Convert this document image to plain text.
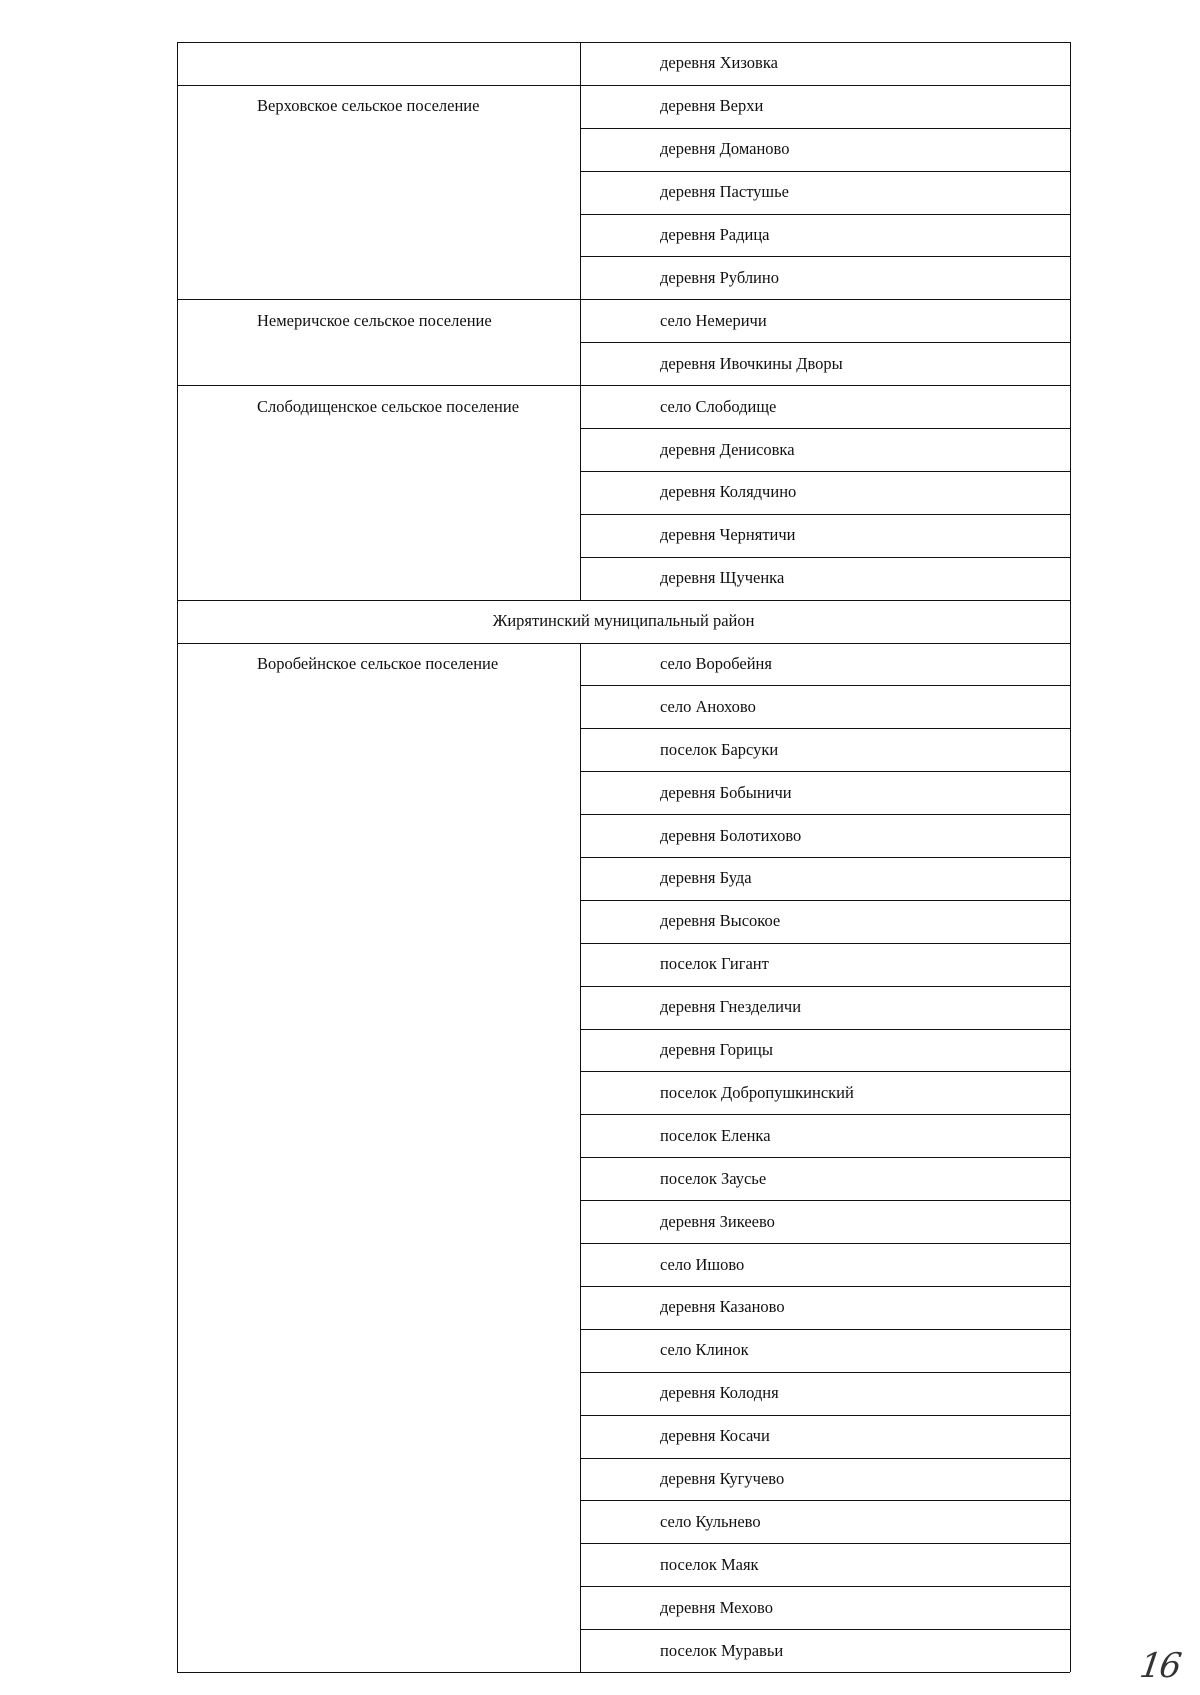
16
деревня Хизовка
деревня Верхи
Верховское сельское поселение
деревня Доманово
деревня Пастушье
деревня Радица
деревня Рублино
село Немеричи
Немеричское сельское поселение
деревня Ивочкины Дворы
село Слободище
Слободищенское сельское поселение
деревня Денисовка
деревня Колядчино
деревня Чернятичи
деревня Щученка
Жирятинский муниципальный район
село Воробейня
Воробейнское сельское поселение
село Анохово
поселок Барсуки
деревня Бобыничи
деревня Болотихово
деревня Буда
деревня Высокое
поселок Гигант
деревня Гнезделичи
деревня Горицы
поселок Добропушкинский
поселок Еленка
поселок Заусье
деревня Зикеево
село Ишово
деревня Казаново
село Клинок
деревня Колодня
деревня Косачи
деревня Кугучево
село Кульнево
поселок Маяк
деревня Мехово
поселок Муравьи
